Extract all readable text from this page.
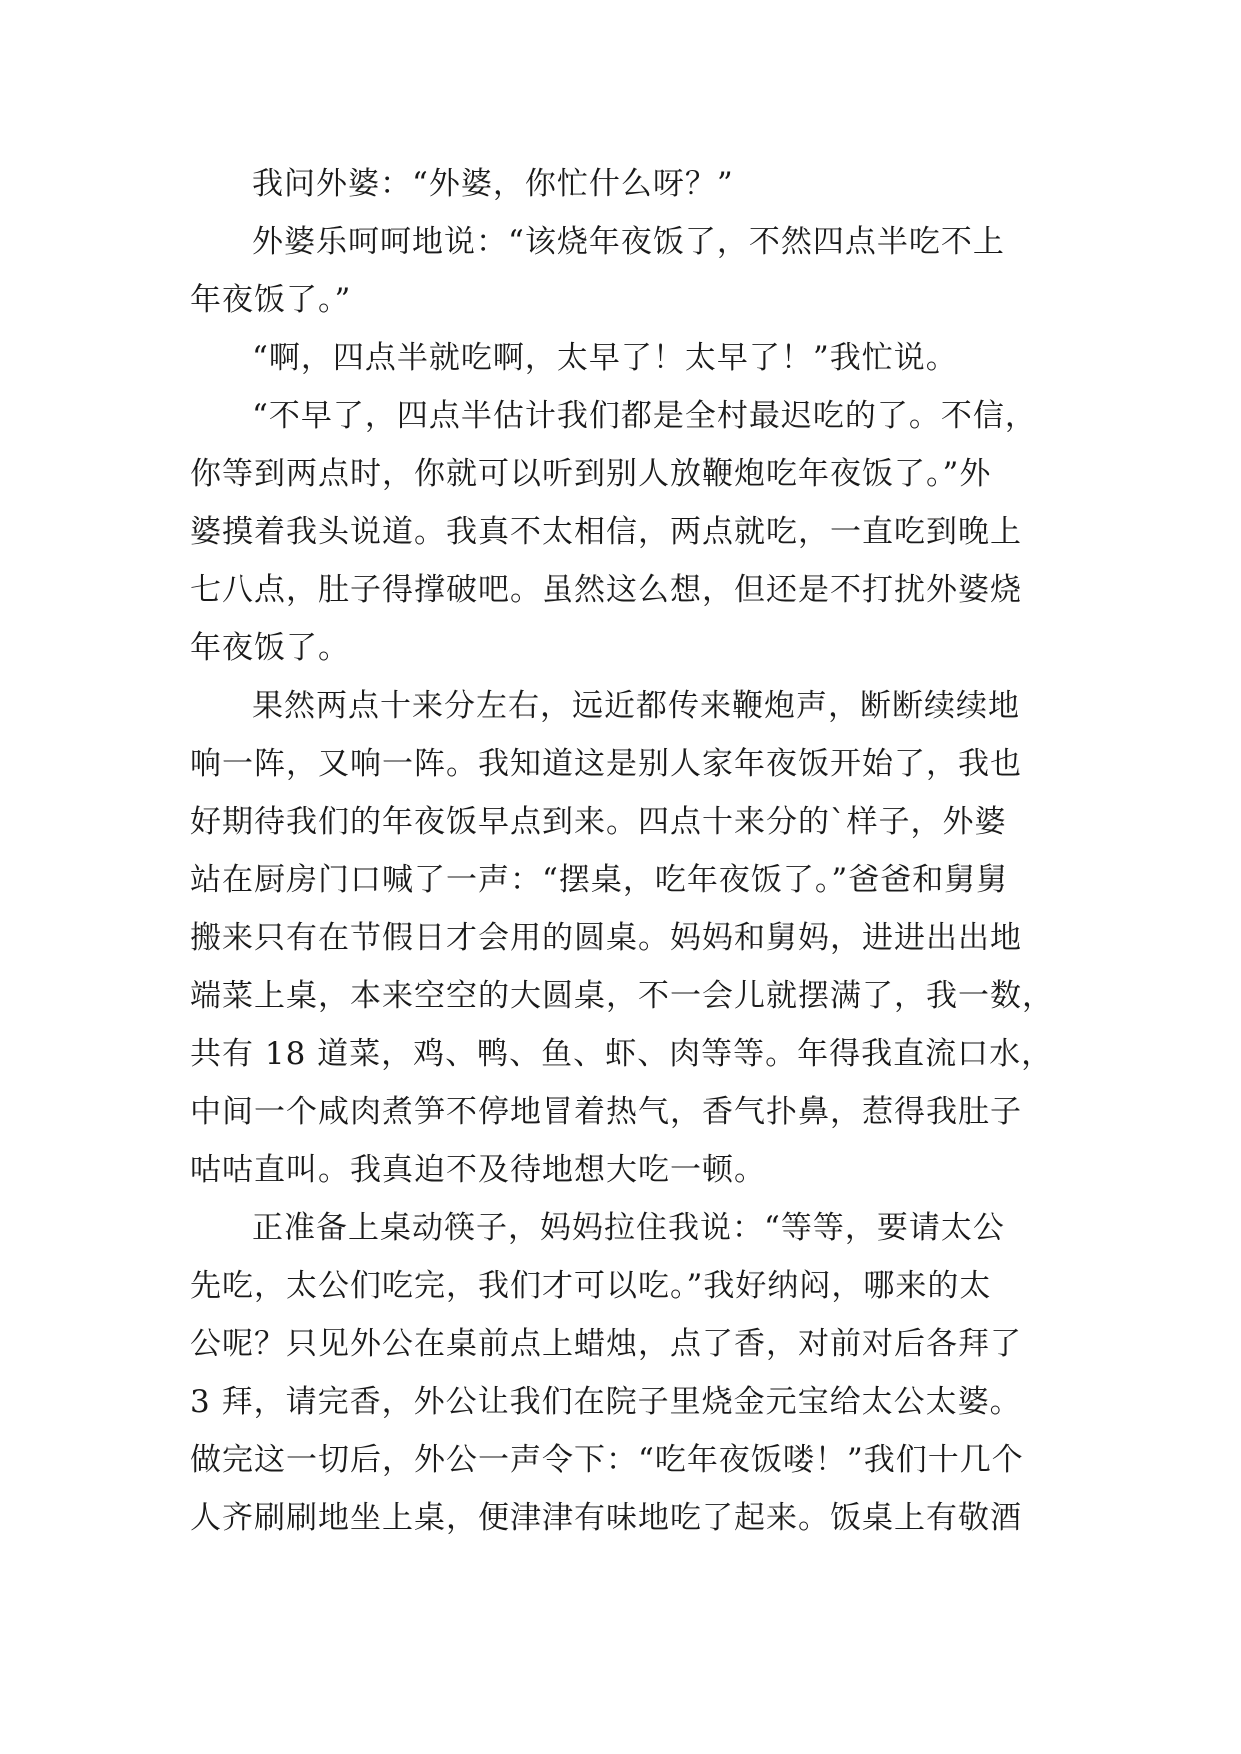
我问外婆：“外婆，你忙什么呀？”
外婆乐呵呵地说：“该烧年夜饭了，不然四点半吃不上
年夜饭了。”
“啊，四点半就吃啊，太早了！太早了！”我忙说。
“不早了，四点半估计我们都是全村最迟吃的了。不信，
你等到两点时，你就可以听到别人放鞭炮吃年夜饭了。”外
婆摸着我头说道。我真不太相信，两点就吃，一直吃到晚上
七八点，肚子得撑破吧。虽然这么想，但还是不打扰外婆烧
年夜饭了。
果然两点十来分左右，远近都传来鞭炮声，断断续续地
响一阵，又响一阵。我知道这是别人家年夜饭开始了，我也
好期待我们的年夜饭早点到来。四点十来分的`样子，外婆
站在厨房门口喊了一声：“摆桌，吃年夜饭了。”爸爸和舅舅
搬来只有在节假日才会用的圆桌。妈妈和舅妈，进进出出地
端菜上桌，本来空空的大圆桌，不一会儿就摆满了，我一数，
共有 18 道菜，鸡、鸭、鱼、虾、肉等等。年得我直流口水，
中间一个咸肉煮笋不停地冒着热气，香气扑鼻，惹得我肚子
咕咕直叫。我真迫不及待地想大吃一顿。
正准备上桌动筷子，妈妈拉住我说：“等等，要请太公
先吃，太公们吃完，我们才可以吃。”我好纳闷，哪来的太
公呢？只见外公在桌前点上蜡烛，点了香，对前对后各拜了
3 拜，请完香，外公让我们在院子里烧金元宝给太公太婆。
做完这一切后，外公一声令下：“吃年夜饭喽！”我们十几个
人齐刷刷地坐上桌，便津津有味地吃了起来。饭桌上有敬酒
